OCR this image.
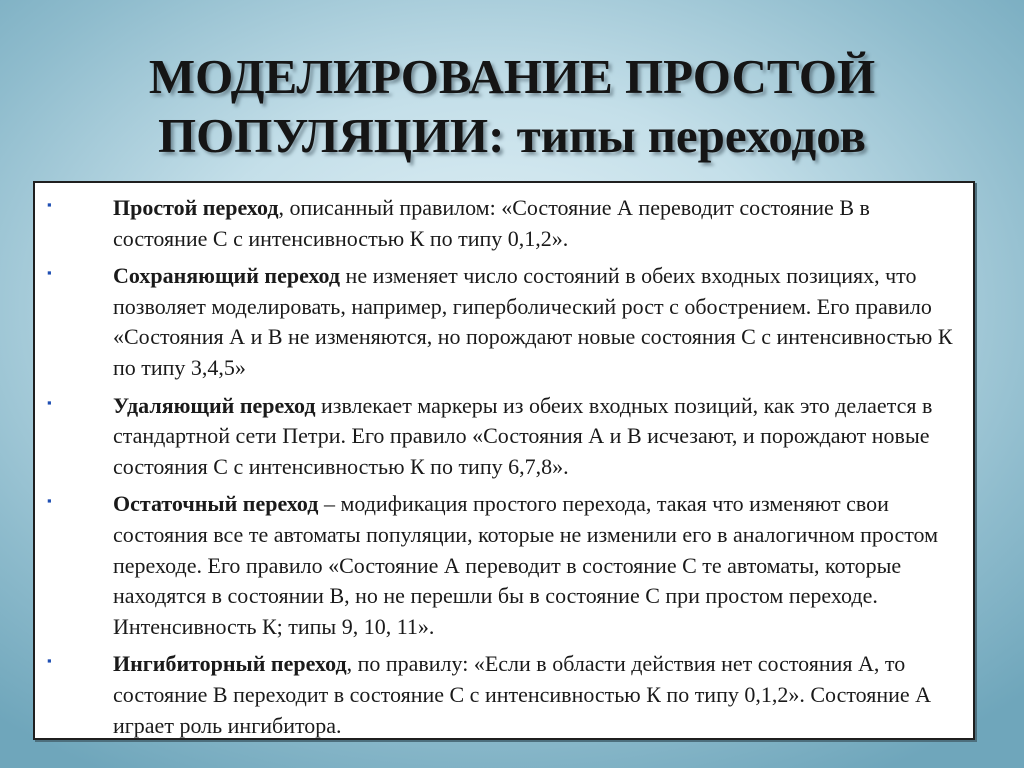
МОДЕЛИРОВАНИЕ ПРОСТОЙ
ПОПУЛЯЦИИ: типы переходов
▪	Простой переход, описанный правилом: «Состояние А переводит состояние В в состояние С с интенсивностью К по типу 0,1,2».
▪	Сохраняющий переход не изменяет число состояний в обеих входных позициях, что позволяет моделировать, например, гиперболический рост с обострением. Его правило «Состояния А и В не изменяются, но порождают новые состояния С с интенсивностью К по типу 3,4,5»
▪	Удаляющий переход извлекает маркеры из обеих входных позиций, как это делается в стандартной сети Петри. Его правило «Состояния А и В исчезают, и порождают новые состояния С с интенсивностью К по типу 6,7,8».
▪	Остаточный переход – модификация простого перехода, такая что изменяют свои состояния все те автоматы популяции, которые не изменили его в аналогичном простом переходе. Его правило «Состояние А переводит в состояние С те автоматы, которые находятся в состоянии В, но не перешли бы в состояние С при простом переходе. Интенсивность К; типы 9, 10, 11».
▪	Ингибиторный переход, по правилу: «Если в области действия нет состояния А, то состояние В переходит в состояние С с интенсивностью К по типу 0,1,2». Состояние А играет роль ингибитора.
